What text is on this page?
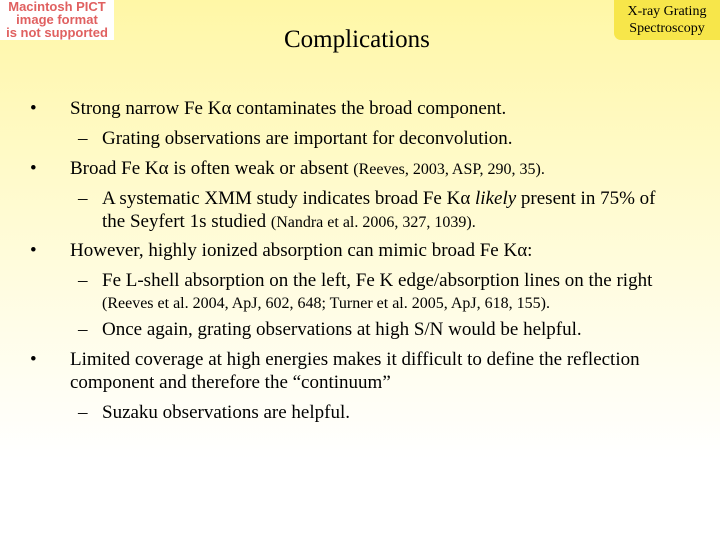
Macintosh PICT
image format
is not supported	Complications
X-ray Grating
Spectroscopy
• Strong narrow Fe Kα contaminates the broad component.
– Grating observations are important for deconvolution.
• Broad Fe Kα is often weak or absent (Reeves, 2003, ASP, 290, 35).
– A systematic XMM study indicates broad Fe Kα likely present in 75% of
the Seyfert 1s studied (Nandra et al. 2006, 327, 1039).
• However, highly ionized absorption can mimic broad Fe Kα:
– Fe L-shell absorption on the left, Fe K edge/absorption lines on the right
(Reeves et al. 2004, ApJ, 602, 648; Turner et al. 2005, ApJ, 618, 155).
– Once again, grating observations at high S/N would be helpful.
• Limited coverage at high energies makes it difficult to define the reflection
component and therefore the “continuum”
– Suzaku observations are helpful.
